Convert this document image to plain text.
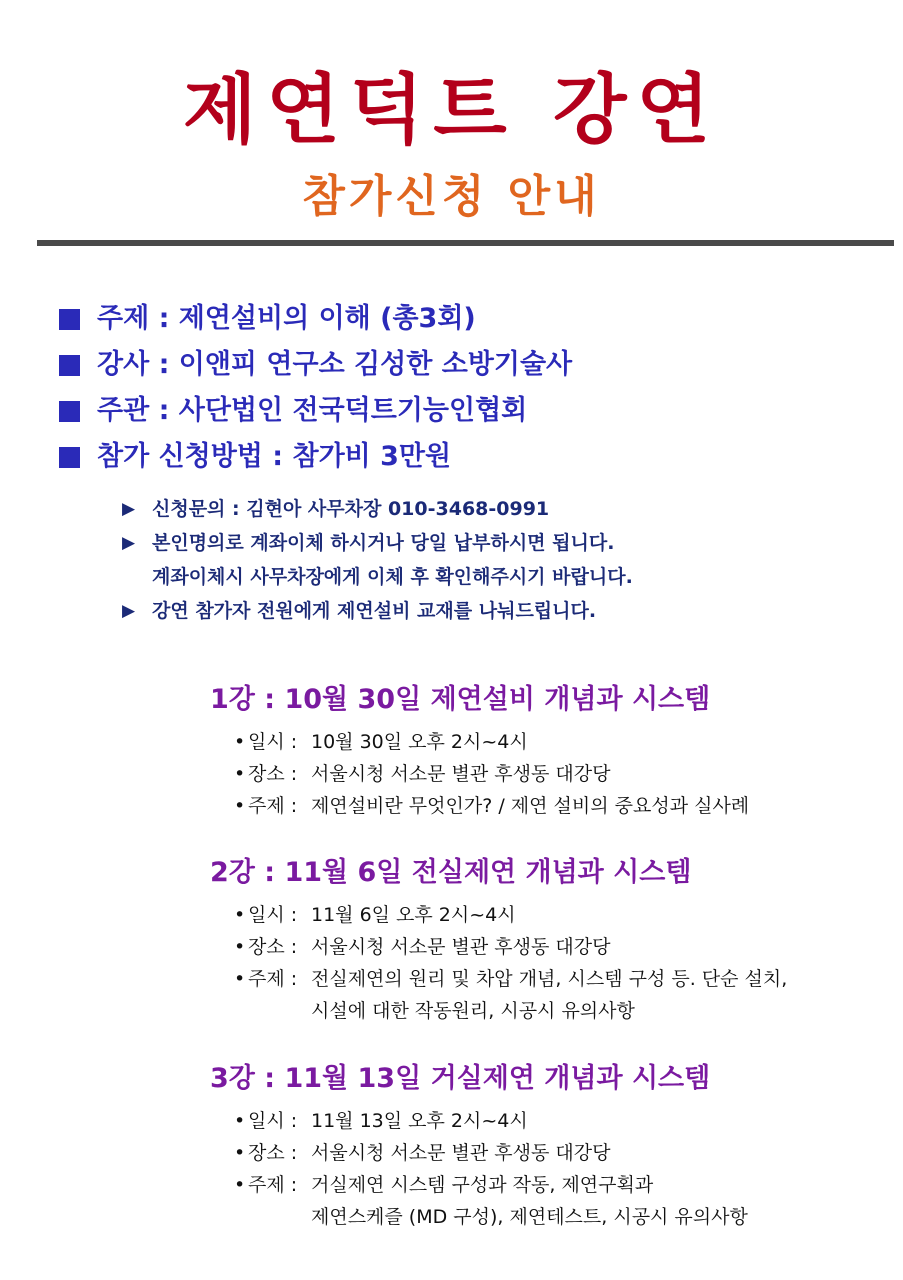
제연덕트 강연
참가신청 안내
주제 : 제연설비의 이해 (총3회)
강사 : 이앤피 연구소 김성한 소방기술사
주관 : 사단법인 전국덕트기능인협회
참가 신청방법 : 참가비 3만원
▶ 신청문의 : 김현아 사무차장 010-3468-0991
▶ 본인명의로 계좌이체 하시거나 당일 납부하시면 됩니다.
계좌이체시 사무차장에게 이체 후 확인해주시기 바랍니다.
▶ 강연 참가자 전원에게 제연설비 교재를 나눠드립니다.
1강 : 10월 30일 제연설비 개념과 시스템
• 일시 : 10월 30일 오후 2시~4시
• 장소 : 서울시청 서소문 별관 후생동 대강당
• 주제 : 제연설비란 무엇인가? / 제연 설비의 중요성과 실사례
2강 : 11월 6일 전실제연 개념과 시스템
• 일시 : 11월 6일 오후 2시~4시
• 장소 : 서울시청 서소문 별관 후생동 대강당
• 주제 : 전실제연의 원리 및 차압 개념, 시스템 구성 등. 단순 설치,
시설에 대한 작동원리, 시공시 유의사항
3강 : 11월 13일 거실제연 개념과 시스템
• 일시 : 11월 13일 오후 2시~4시
• 장소 : 서울시청 서소문 별관 후생동 대강당
• 주제 : 거실제연 시스템 구성과 작동, 제연구획과
제연스케즐 (MD 구성), 제연테스트, 시공시 유의사항
